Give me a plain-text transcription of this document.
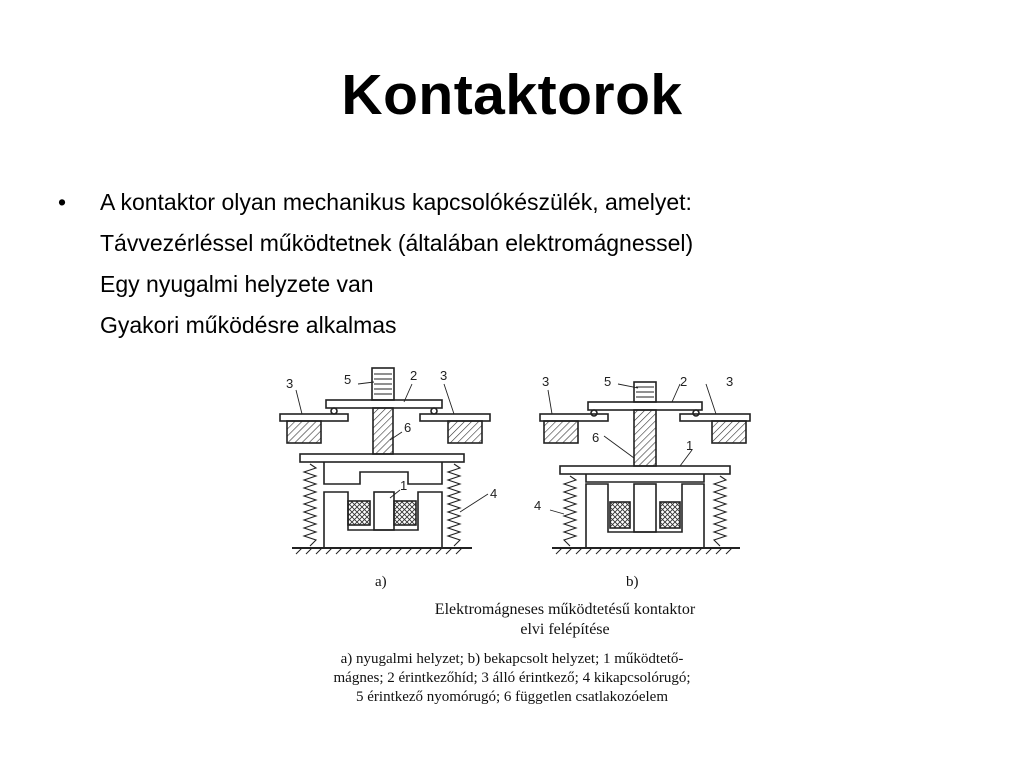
Kontaktorok
• A kontaktor olyan mechanikus kapcsolókészülék, amelyet:
Távvezérléssel működtetnek (általában elektromágnessel)
Egy nyugalmi helyzete van
Gyakori működésre alkalmas
3	5	2 3
6
1
4
3	5	2	3
6
1
4
a)	b)
Elektromágneses működtetésű kontaktor
elvi felépítése
a) nyugalmi helyzet; b) bekapcsolt helyzet; 1 működtető-
mágnes; 2 érintkezőhíd; 3 álló érintkező; 4 kikapcsolórugó;
5 érintkező nyomórugó; 6 független csatlakozóelem
